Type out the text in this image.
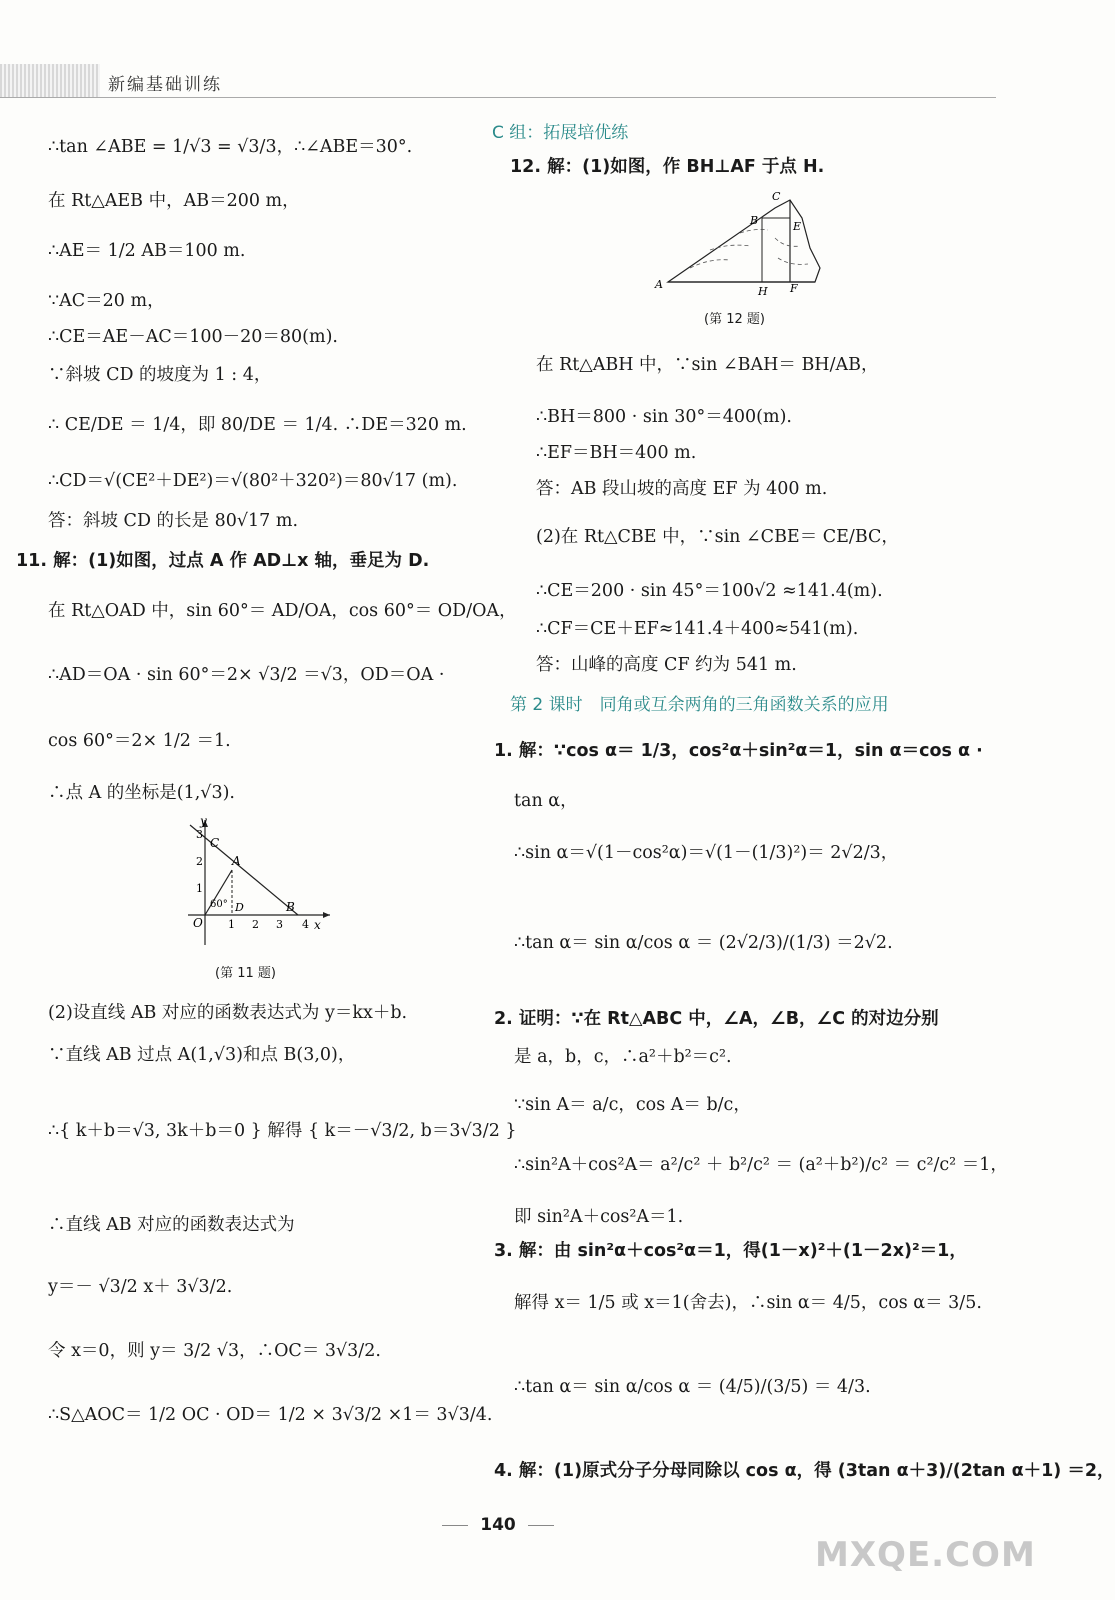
新编基础训练
∴tan ∠ABE = 1/√3 = √3/3，∴∠ABE＝30°.
在 Rt△AEB 中，AB＝200 m，
∴AE＝ 1/2 AB＝100 m.
∵AC＝20 m，
∴CE＝AE－AC＝100－20＝80(m).
∵斜坡 CD 的坡度为 1 : 4，
∴ CE/DE ＝ 1/4，即 80/DE ＝ 1/4. ∴DE＝320 m.
∴CD＝√(CE²＋DE²)＝√(80²＋320²)＝80√17 (m).
答：斜坡 CD 的长是 80√17 m.
11. 解：(1)如图，过点 A 作 AD⊥x 轴，垂足为 D.
在 Rt△OAD 中，sin 60°＝ AD/OA，cos 60°＝ OD/OA，
∴AD＝OA · sin 60°＝2× √3/2 ＝√3，OD＝OA ·
cos 60°＝2× 1/2 ＝1.
∴点 A 的坐标是(1,√3).
y
x
O
A
B
C
D
60°
1 2 3 4
1
2
3
(第 11 题)
(2)设直线 AB 对应的函数表达式为 y＝kx＋b.
∵直线 AB 过点 A(1,√3)和点 B(3,0)，
∴{ k＋b＝√3, 3k＋b＝0 } 解得 { k＝－√3/2, b＝3√3/2 }
∴直线 AB 对应的函数表达式为
y＝－ √3/2 x＋ 3√3/2.
令 x＝0，则 y＝ 3/2 √3，∴OC＝ 3√3/2.
∴S△AOC＝ 1/2 OC · OD＝ 1/2 × 3√3/2 ×1＝ 3√3/4.
C 组：拓展培优练
12. 解：(1)如图，作 BH⊥AF 于点 H.
C
B	E
A
H F
(第 12 题)
在 Rt△ABH 中，∵sin ∠BAH＝ BH/AB，
∴BH＝800 · sin 30°＝400(m).
∴EF＝BH＝400 m.
答：AB 段山坡的高度 EF 为 400 m.
(2)在 Rt△CBE 中，∵sin ∠CBE＝ CE/BC，
∴CE＝200 · sin 45°＝100√2 ≈141.4(m).
∴CF＝CE＋EF≈141.4＋400≈541(m).
答：山峰的高度 CF 约为 541 m.
第 2 课时　同角或互余两角的三角函数关系的应用
1. 解：∵cos α＝ 1/3，cos²α＋sin²α＝1，sin α＝cos α ·
tan α，
∴sin α＝√(1－cos²α)＝√(1－(1/3)²)＝ 2√2/3，
∴tan α＝ sin α/cos α ＝ (2√2/3)/(1/3) ＝2√2.
2. 证明：∵在 Rt△ABC 中，∠A，∠B，∠C 的对边分别
是 a，b，c，∴a²＋b²＝c².
∵sin A＝ a/c，cos A＝ b/c，
∴sin²A＋cos²A＝ a²/c² ＋ b²/c² ＝ (a²＋b²)/c² ＝ c²/c² ＝1，
即 sin²A＋cos²A＝1.
3. 解：由 sin²α＋cos²α＝1，得(1－x)²＋(1－2x)²＝1，
解得 x＝ 1/5 或 x＝1(舍去)，∴sin α＝ 4/5，cos α＝ 3/5.
∴tan α＝ sin α/cos α ＝ (4/5)/(3/5) ＝ 4/3.
4. 解：(1)原式分子分母同除以 cos α，得 (3tan α＋3)/(2tan α＋1) ＝2，
140
MXQE.COM
